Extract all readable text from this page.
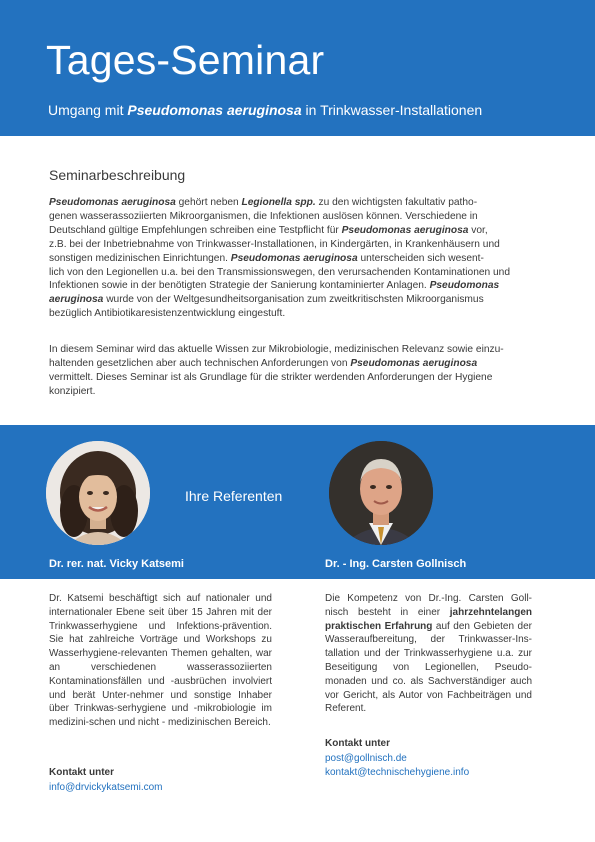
Tages-Seminar
Umgang mit Pseudomonas aeruginosa in Trinkwasser-Installationen
Seminarbeschreibung
Pseudomonas aeruginosa gehört neben Legionella spp. zu den wichtigsten fakultativ patho-
genen wasserassoziierten Mikroorganismen, die Infektionen auslösen können. Verschiedene in
Deutschland gültige Empfehlungen schreiben eine Testpflicht für Pseudomonas aeruginosa vor,
z.B. bei der Inbetriebnahme von Trinkwasser-Installationen, in Kindergärten, in Krankenhäusern und
sonstigen medizinischen Einrichtungen. Pseudomonas aeruginosa unterscheiden sich wesent-
lich von den Legionellen u.a. bei den Transmissionswegen, den verursachenden Kontaminationen und
Infektionen sowie in der benötigten Strategie der Sanierung kontaminierter Anlagen. Pseudomonas
aeruginosa wurde von der Weltgesundheitsorganisation zum zweitkritischsten Mikroorganismus
bezüglich Antibiotikaresistenzentwicklung eingestuft.
In diesem Seminar wird das aktuelle Wissen zur Mikrobiologie, medizinischen Relevanz sowie einzu-
haltenden gesetzlichen aber auch technischen Anforderungen von Pseudomonas aeruginosa
vermittelt. Dieses Seminar ist als Grundlage für die strikter werdenden Anforderungen der Hygiene
konzipiert.
Ihre Referenten
Dr. rer. nat. Vicky Katsemi	Dr. - Ing. Carsten Gollnisch
Dr. Katsemi beschäftigt sich auf nationaler und internationaler Ebene seit über 15 Jahren mit der Trinkwasserhygiene und Infektions-prävention. Sie hat zahlreiche Vorträge und Workshops zu Wasserhygiene-relevanten Themen gehalten, war an verschiedenen wasserassoziierten Kontaminationsfällen und -ausbrüchen involviert und berät Unter-nehmer und sonstige Inhaber über Trinkwas-serhygiene und -mikrobiologie im medizini-schen und nicht - medizinischen Bereich.
Die Kompetenz von Dr.-Ing. Carsten Goll-nisch besteht in einer jahrzehntelangen praktischen Erfahrung auf den Gebieten der Wasseraufbereitung, der Trinkwasser-Ins-tallation und der Trinkwasserhygiene u.a. zur Beseitigung von Legionellen, Pseudo-monaden und co. als Sachverständiger auch vor Gericht, als Autor von Fachbeiträgen und Referent.
Kontakt unter
info@drvickykatsemi.com
Kontakt unter
post@gollnisch.de
kontakt@technischehygiene.info
